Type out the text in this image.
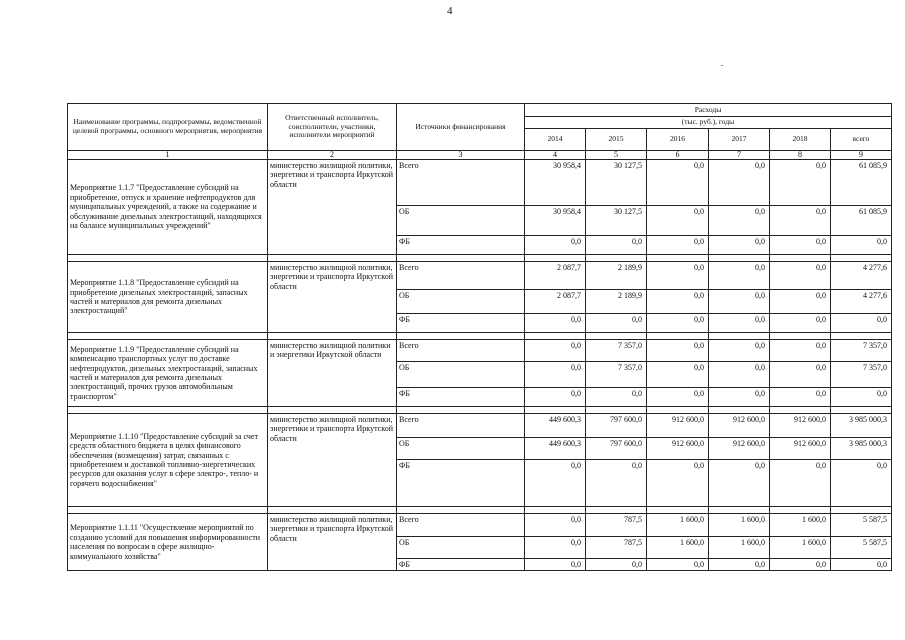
4
Наименование программы, подпрограммы, ведомственной целевой программы, основного мероприятия, мероприятия	Ответственный исполнитель, соисполнители, участники, исполнители мероприятий	Источники финансирования	Расходы					
			(тыс. руб.), годы					
			2014	2015	2016	2017	2018	всего
1	2	3	4	5	6	7	8	9
Мероприятие 1.1.7 "Предоставление субсидий на приобретение, отпуск и хранение нефтепродуктов для муниципальных учреждений, а также на содержание и обслуживание дизельных электростанций, находящихся на балансе муниципальных учреждений"	министерство жилищной политики, энергетики и транспорта Иркутской области	Всего	30 958,4	30 127,5	0,0	0,0	0,0	61 085,9
		ОБ	30 958,4	30 127,5	0,0	0,0	0,0	61 085,9
		ФБ	0,0	0,0	0,0	0,0	0,0	0,0

Мероприятие 1.1.8 "Предоставление субсидий на приобретение дизельных электростанций, запасных частей и материалов для ремонта дизельных электростанций"	министерство жилищной политики, энергетики и транспорта Иркутской области	Всего	2 087,7	2 189,9	0,0	0,0	0,0	4 277,6
		ОБ	2 087,7	2 189,9	0,0	0,0	0,0	4 277,6
		ФБ	0,0	0,0	0,0	0,0	0,0	0,0

Мероприятие 1.1.9 "Предоставление субсидий на компенсацию транспортных услуг по доставке нефтепродуктов, дизельных электростанций, запасных частей и материалов для ремонта дизельных электростанций, прочих грузов автомобильным транспортом"	министерство жилищной политики и энергетики Иркутской области	Всего	0,0	7 357,0	0,0	0,0	0,0	7 357,0
		ОБ	0,0	7 357,0	0,0	0,0	0,0	7 357,0
		ФБ	0,0	0,0	0,0	0,0	0,0	0,0

Мероприятие 1.1.10 "Предоставление субсидий за счет средств областного бюджета в целях финансового обеспечения (возмещения) затрат, связанных с приобретением и доставкой топливно-энергетических ресурсов для оказания услуг в сфере электро-, тепло- и горячего водоснабжения"	министерство жилищной политики, энергетики и транспорта Иркутской области	Всего	449 600,3	797 600,0	912 600,0	912 600,0	912 600,0	3 985 000,3
		ОБ	449 600,3	797 600,0	912 600,0	912 600,0	912 600,0	3 985 000,3
		ФБ	0,0	0,0	0,0	0,0	0,0	0,0

Мероприятие 1.1.11 "Осуществление мероприятий по созданию условий для повышения информированности населения по вопросам в сфере жилищно-коммунального хозяйства"	министерство жилищной политики, энергетики и транспорта Иркутской области	Всего	0,0	787,5	1 600,0	1 600,0	1 600,0	5 587,5
		ОБ	0,0	787,5	1 600,0	1 600,0	1 600,0	5 587,5
		ФБ	0,0	0,0	0,0	0,0	0,0	0,0
